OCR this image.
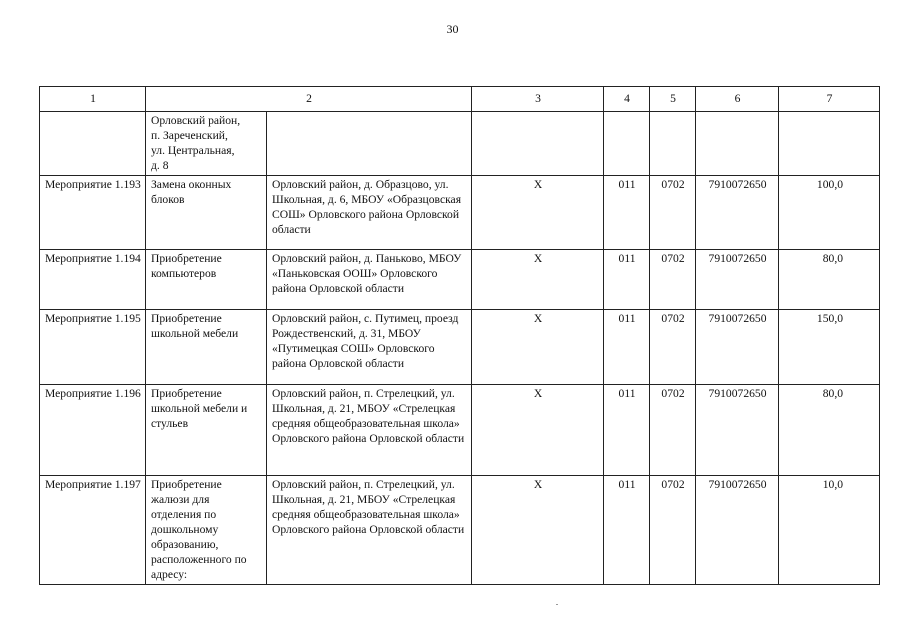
30
1	2		3	4	5	6	7
	Орловский район,
п. Зареченский,
ул. Центральная,
д. 8						
Мероприятие 1.193	Замена оконных блоков	Орловский район, д. Образцово, ул. Школьная, д. 6, МБОУ «Образцовская СОШ» Орловского района Орловской области	X	011	0702	7910072650	100,0
Мероприятие 1.194	Приобретение компьютеров	Орловский район, д. Паньково, МБОУ «Паньковская ООШ» Орловского района Орловской области	X	011	0702	7910072650	80,0
Мероприятие 1.195	Приобретение школьной мебели	Орловский район, с. Путимец, проезд Рождественский, д. 31, МБОУ «Путимецкая СОШ» Орловского района Орловской области	X	011	0702	7910072650	150,0
Мероприятие 1.196	Приобретение школьной мебели и стульев	Орловский район, п. Стрелецкий, ул. Школьная, д. 21, МБОУ «Стрелецкая средняя общеобразовательная школа» Орловского района Орловской области	X	011	0702	7910072650	80,0
Мероприятие 1.197	Приобретение жалюзи для отделения по дошкольному образованию, расположенного по адресу:	Орловский район, п. Стрелецкий, ул. Школьная, д. 21, МБОУ «Стрелецкая средняя общеобразовательная школа» Орловского района Орловской области	X	011	0702	7910072650	10,0
